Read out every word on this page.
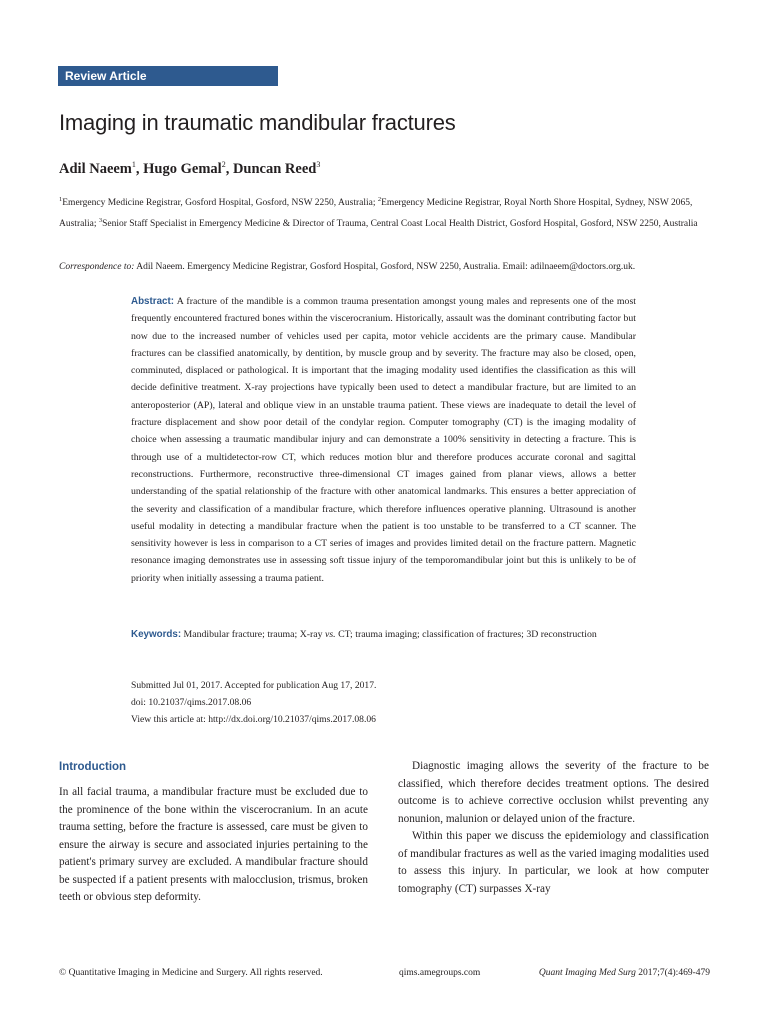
Review Article
Imaging in traumatic mandibular fractures
Adil Naeem$^1$, Hugo Gemal$^2$, Duncan Reed$^3$
$^1$Emergency Medicine Registrar, Gosford Hospital, Gosford, NSW 2250, Australia; $^2$Emergency Medicine Registrar, Royal North Shore Hospital, Sydney, NSW 2065, Australia; $^3$Senior Staff Specialist in Emergency Medicine & Director of Trauma, Central Coast Local Health District, Gosford Hospital, Gosford, NSW 2250, Australia
Correspondence to: Adil Naeem. Emergency Medicine Registrar, Gosford Hospital, Gosford, NSW 2250, Australia. Email: adilnaeem@doctors.org.uk.
Abstract: A fracture of the mandible is a common trauma presentation amongst young males and represents one of the most frequently encountered fractured bones within the viscerocranium. Historically, assault was the dominant contributing factor but now due to the increased number of vehicles used per capita, motor vehicle accidents are the primary cause. Mandibular fractures can be classified anatomically, by dentition, by muscle group and by severity. The fracture may also be closed, open, comminuted, displaced or pathological. It is important that the imaging modality used identifies the classification as this will decide definitive treatment. X-ray projections have typically been used to detect a mandibular fracture, but are limited to an anteroposterior (AP), lateral and oblique view in an unstable trauma patient. These views are inadequate to detail the level of fracture displacement and show poor detail of the condylar region. Computer tomography (CT) is the imaging modality of choice when assessing a traumatic mandibular injury and can demonstrate a 100% sensitivity in detecting a fracture. This is through use of a multidetector-row CT, which reduces motion blur and therefore produces accurate coronal and sagittal reconstructions. Furthermore, reconstructive three-dimensional CT images gained from planar views, allows a better understanding of the spatial relationship of the fracture with other anatomical landmarks. This ensures a better appreciation of the severity and classification of a mandibular fracture, which therefore influences operative planning. Ultrasound is another useful modality in detecting a mandibular fracture when the patient is too unstable to be transferred to a CT scanner. The sensitivity however is less in comparison to a CT series of images and provides limited detail on the fracture pattern. Magnetic resonance imaging demonstrates use in assessing soft tissue injury of the temporomandibular joint but this is unlikely to be of priority when initially assessing a trauma patient.
Keywords: Mandibular fracture; trauma; X-ray vs. CT; trauma imaging; classification of fractures; 3D reconstruction
Submitted Jul 01, 2017. Accepted for publication Aug 17, 2017.
doi: 10.21037/qims.2017.08.06
View this article at: http://dx.doi.org/10.21037/qims.2017.08.06
Introduction

In all facial trauma, a mandibular fracture must be excluded due to the prominence of the bone within the viscerocranium. In an acute trauma setting, before the fracture is assessed, care must be given to ensure the airway is secure and associated injuries pertaining to the patient's primary survey are excluded. A mandibular fracture should be suspected if a patient presents with malocclusion, trismus, broken teeth or obvious step deformity.

Diagnostic imaging allows the severity of the fracture to be classified, which therefore decides treatment options. The desired outcome is to achieve corrective occlusion whilst preventing any nonunion, malunion or delayed union of the fracture.

Within this paper we discuss the epidemiology and classification of mandibular fractures as well as the varied imaging modalities used to assess this injury. In particular, we look at how computer tomography (CT) surpasses X-ray

© Quantitative Imaging in Medicine and Surgery. All rights reserved.	qims.amegroups.com	Quant Imaging Med Surg 2017;7(4):469-479
